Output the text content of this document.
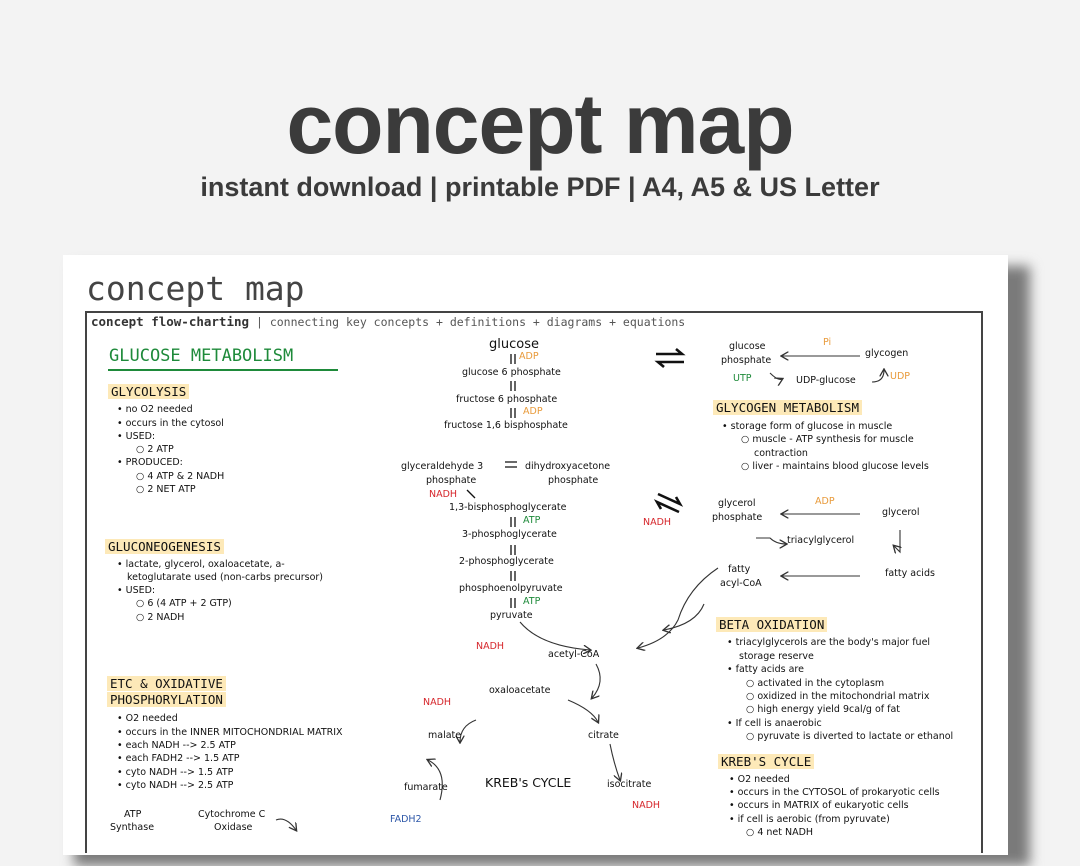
concept map
instant download | printable PDF | A4, A5 & US Letter
concept map
concept flow-charting | connecting key concepts + definitions + diagrams + equations
GLUCOSE METABOLISM
GLYCOLYSIS
• no O2 needed
• occurs in the cytosol
• USED:
○ 2 ATP
• PRODUCED:
○ 4 ATP & 2 NADH
○ 2 NET ATP
GLUCONEOGENESIS
• lactate, glycerol, oxaloacetate, a-
ketoglutarate used (non-carbs precursor)
• USED:
○ 6 (4 ATP + 2 GTP)
○ 2 NADH
ETC & OXIDATIVE
PHOSPHORYLATION
• O2 needed
• occurs in the INNER MITOCHONDRIAL MATRIX
• each NADH --> 2.5 ATP
• each FADH2 --> 1.5 ATP
• cyto NADH --> 1.5 ATP
• cyto NADH --> 2.5 ATP
ATP
Synthase
Cytochrome C
Oxidase
glucose
ADP
glucose 6 phosphate
fructose 6 phosphate
ADP
fructose 1,6 bisphosphate
glyceraldehyde 3
phosphate
dihydroxyacetone
phosphate
NADH
1,3-bisphosphoglycerate
ATP
3-phosphoglycerate
2-phosphoglycerate
phosphoenolpyruvate
ATP
pyruvate
NADH
acetyl-CoA
NADH
oxaloacetate
NADH
malate	citrate
KREB's CYCLE
fumarate	isocitrate
NADH
FADH2
Pi
glucose
phosphate
glycogen
UTP	UDP-glucose	UDP
GLYCOGEN METABOLISM
• storage form of glucose in muscle
○ muscle - ATP synthesis for muscle
contraction
○ liver - maintains blood glucose levels
glycerol
phosphate
ADP
glycerol
triacylglycerol
fatty
acyl-CoA
fatty acids
BETA OXIDATION
• triacylglycerols are the body's major fuel
storage reserve
• fatty acids are
○ activated in the cytoplasm
○ oxidized in the mitochondrial matrix
○ high energy yield 9cal/g of fat
• If cell is anaerobic
○ pyruvate is diverted to lactate or ethanol
KREB'S CYCLE
• O2 needed
• occurs in the CYTOSOL of prokaryotic cells
• occurs in MATRIX of eukaryotic cells
• if cell is aerobic (from pyruvate)
○ 4 net NADH
